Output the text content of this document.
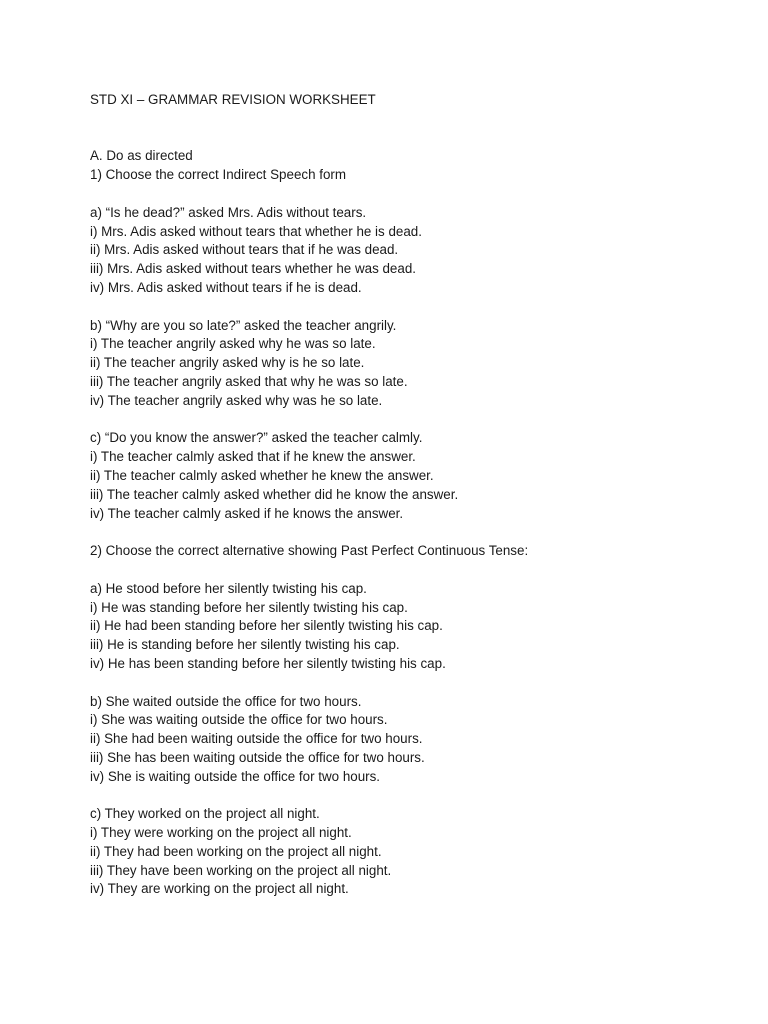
STD XI – GRAMMAR REVISION WORKSHEET
A. Do as directed
1) Choose the correct Indirect Speech form
a) “Is he dead?” asked Mrs. Adis without tears.
i) Mrs. Adis asked without tears that whether he is dead.
ii) Mrs. Adis asked without tears that if he was dead.
iii) Mrs. Adis asked without tears whether he was dead.
iv) Mrs. Adis asked without tears if he is dead.
b) “Why are you so late?” asked the teacher angrily.
i) The teacher angrily asked why he was so late.
ii) The teacher angrily asked why is he so late.
iii) The teacher angrily asked that why he was so late.
iv) The teacher angrily asked why was he so late.
c) “Do you know the answer?” asked the teacher calmly.
i) The teacher calmly asked that if he knew the answer.
ii) The teacher calmly asked whether he knew the answer.
iii) The teacher calmly asked whether did he know the answer.
iv) The teacher calmly asked if he knows the answer.
2) Choose the correct alternative showing Past Perfect Continuous Tense:
a) He stood before her silently twisting his cap.
i) He was standing before her silently twisting his cap.
ii) He had been standing before her silently twisting his cap.
iii) He is standing before her silently twisting his cap.
iv) He has been standing before her silently twisting his cap.
b) She waited outside the office for two hours.
i) She was waiting outside the office for two hours.
ii) She had been waiting outside the office for two hours.
iii) She has been waiting outside the office for two hours.
iv) She is waiting outside the office for two hours.
c) They worked on the project all night.
i) They were working on the project all night.
ii) They had been working on the project all night.
iii) They have been working on the project all night.
iv) They are working on the project all night.
